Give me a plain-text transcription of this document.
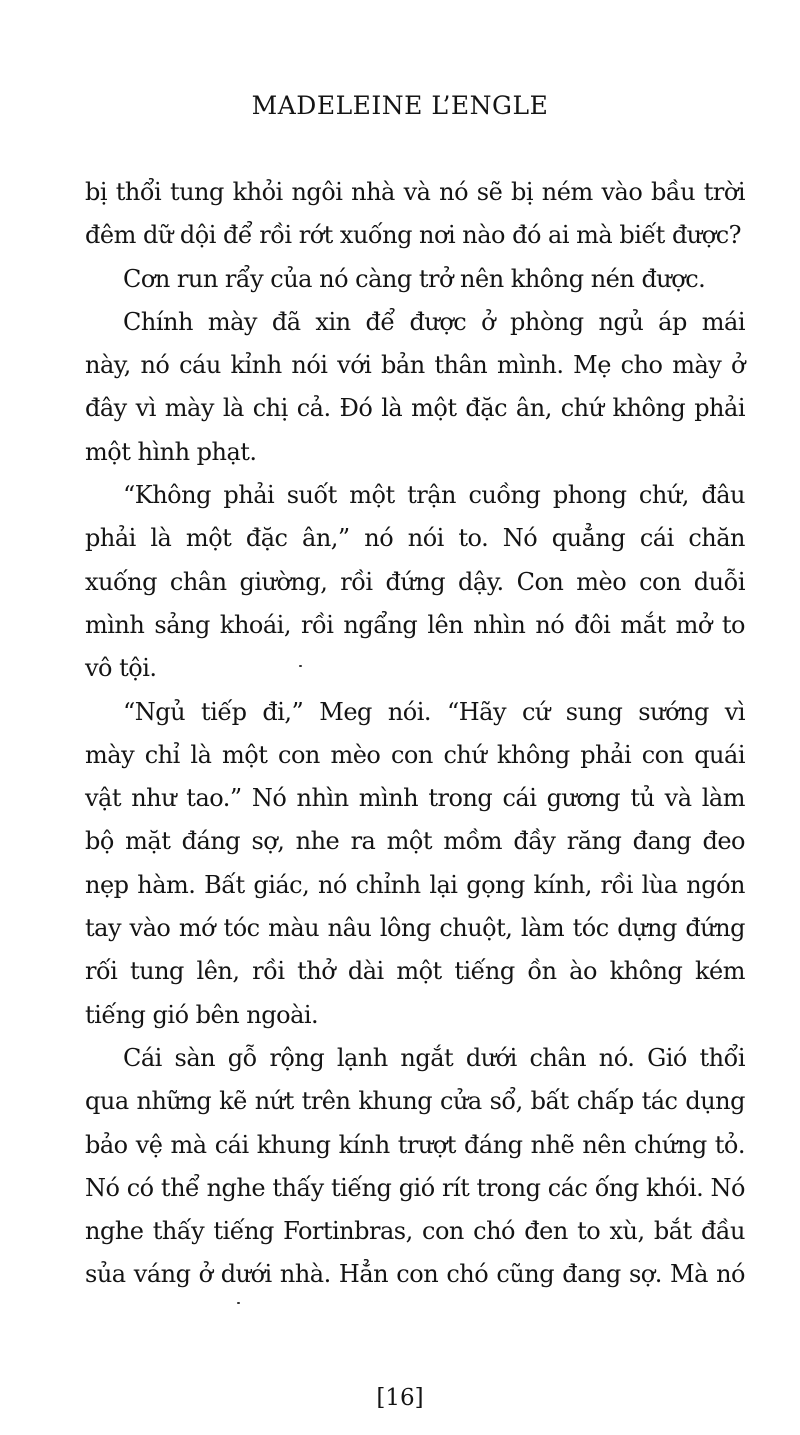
MADELEINE L’ENGLE
bị thổi tung khỏi ngôi nhà và nó sẽ bị ném vào bầu trời
đêm dữ dội để rồi rớt xuống nơi nào đó ai mà biết được?
Cơn run rẩy của nó càng trở nên không nén được.
Chính mày đã xin để được ở phòng ngủ áp mái
này, nó cáu kỉnh nói với bản thân mình. Mẹ cho mày ở
đây vì mày là chị cả. Đó là một đặc ân, chứ không phải
một hình phạt.
“Không phải suốt một trận cuồng phong chứ, đâu
phải là một đặc ân,” nó nói to. Nó quẳng cái chăn
xuống chân giường, rồi đứng dậy. Con mèo con duỗi
mình sảng khoái, rồi ngẩng lên nhìn nó đôi mắt mở to
vô tội.
“Ngủ tiếp đi,” Meg nói. “Hãy cứ sung sướng vì
mày chỉ là một con mèo con chứ không phải con quái
vật như tao.” Nó nhìn mình trong cái gương tủ và làm
bộ mặt đáng sợ, nhe ra một mồm đầy răng đang đeo
nẹp hàm. Bất giác, nó chỉnh lại gọng kính, rồi lùa ngón
tay vào mớ tóc màu nâu lông chuột, làm tóc dựng đứng
rối tung lên, rồi thở dài một tiếng ồn ào không kém
tiếng gió bên ngoài.
Cái sàn gỗ rộng lạnh ngắt dưới chân nó. Gió thổi
qua những kẽ nứt trên khung cửa sổ, bất chấp tác dụng
bảo vệ mà cái khung kính trượt đáng nhẽ nên chứng tỏ.
Nó có thể nghe thấy tiếng gió rít trong các ống khói. Nó
nghe thấy tiếng Fortinbras, con chó đen to xù, bắt đầu
sủa váng ở dưới nhà. Hẳn con chó cũng đang sợ. Mà nó
[16]
